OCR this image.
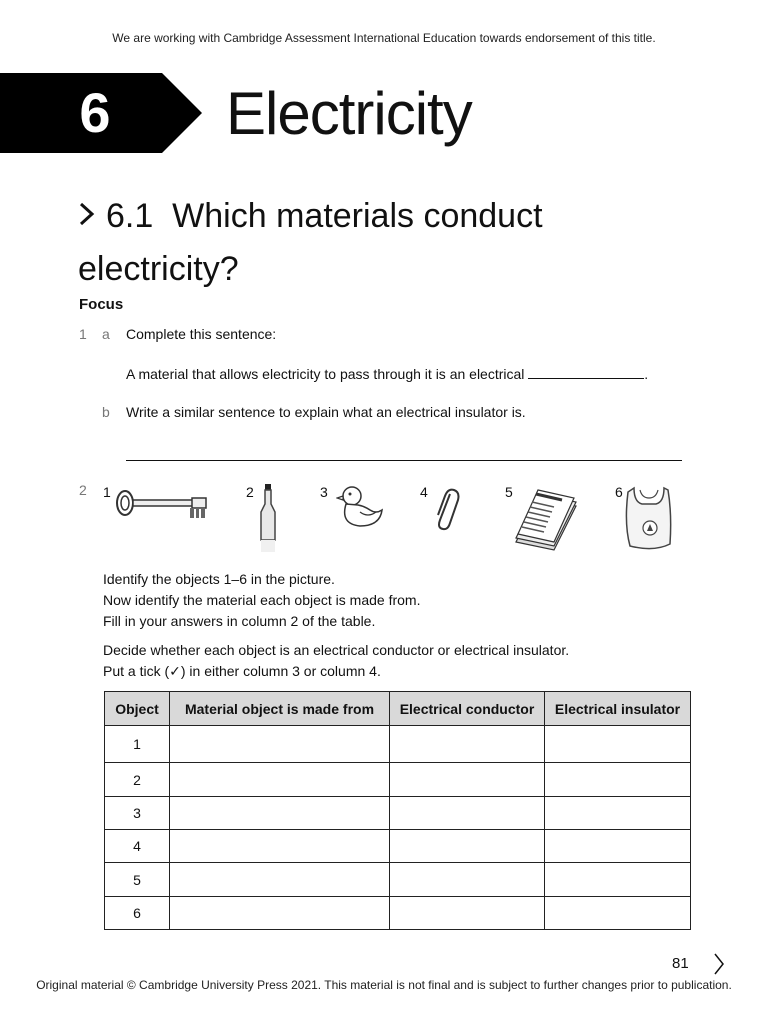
We are working with Cambridge Assessment International Education towards endorsement of this title.
6	Electricity
6.1 Which materials conduct electricity?
Focus
1 a Complete this sentence:
A material that allows electricity to pass through it is an electrical	.
b Write a similar sentence to explain what an electrical insulator is.
2 1	2	3	4	5	6
Identify the objects 1–6 in the picture.
Now identify the material each object is made from.
Fill in your answers in column 2 of the table.
Decide whether each object is an electrical conductor or electrical insulator.
Put a tick (✓) in either column 3 or column 4.
Object	Material object is made from	Electrical conductor	Electrical insulator
1			
2			
3			
4			
5			
6			
81
Original material © Cambridge University Press 2021. This material is not final and is subject to further changes prior to publication.
